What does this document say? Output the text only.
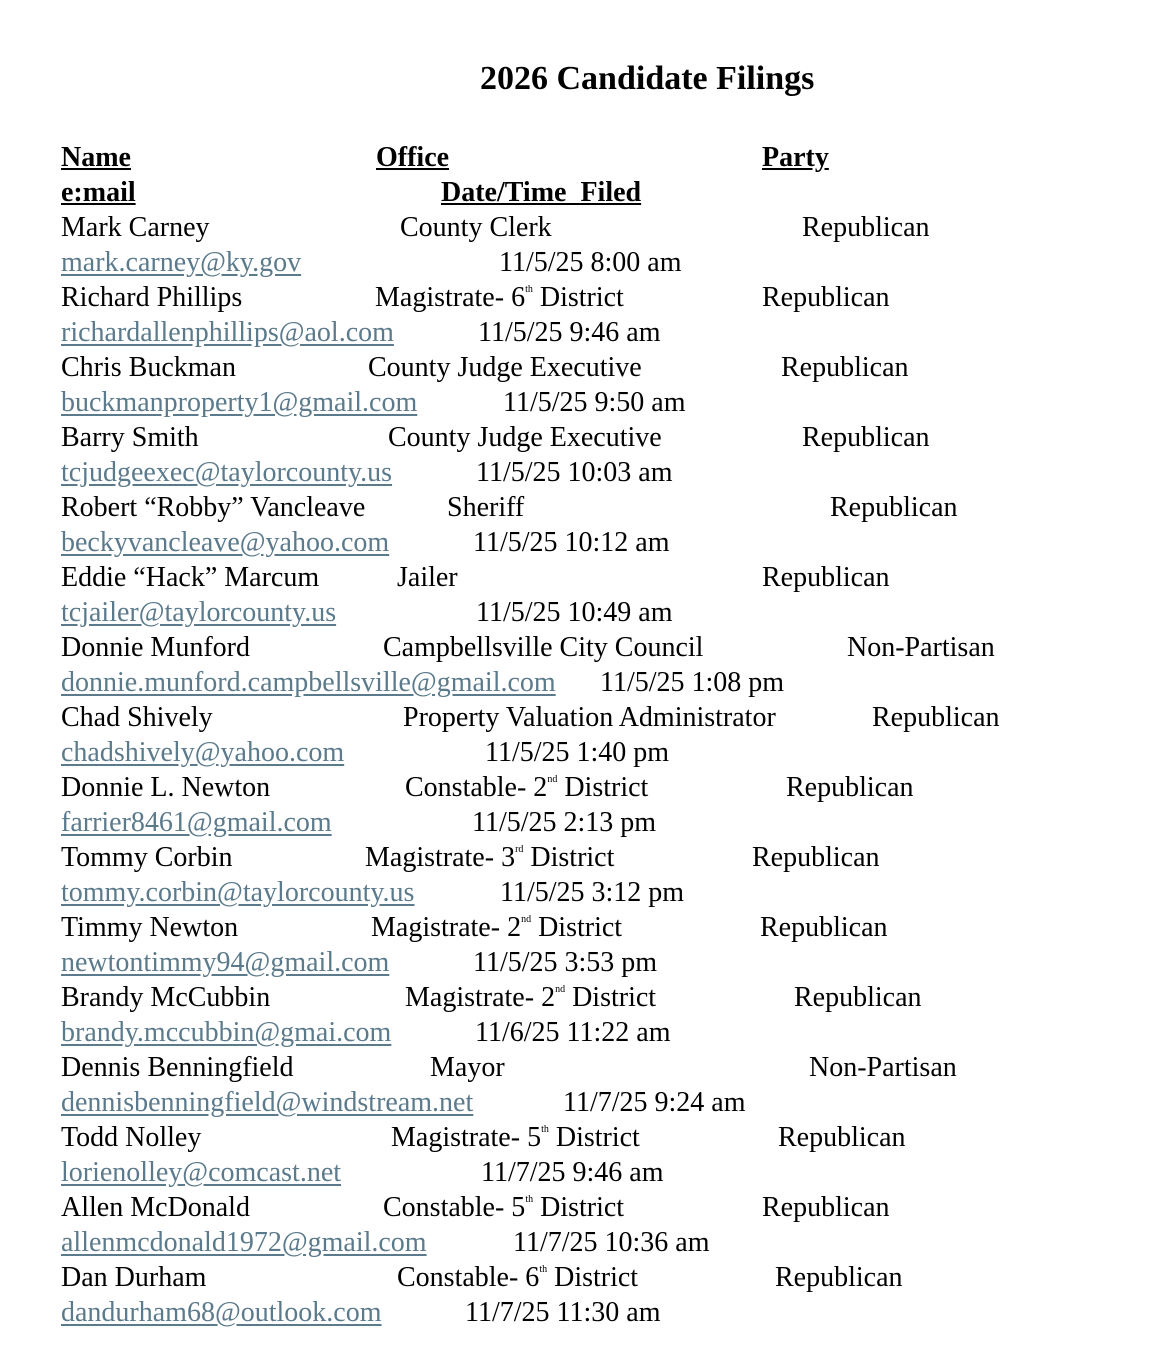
2026 Candidate Filings
Name	Office	Party
e:mail	Date/Time  Filed
Mark Carney	County Clerk	Republican
mark.carney@ky.gov	11/5/25 8:00 am
Richard Phillips	Magistrate- 6th District	Republican
richardallenphillips@aol.com	11/5/25 9:46 am
Chris Buckman	County Judge Executive	Republican
buckmanproperty1@gmail.com	11/5/25 9:50 am
Barry Smith	County Judge Executive	Republican
tcjudgeexec@taylorcounty.us	11/5/25 10:03 am
Robert “Robby” Vancleave	Sheriff	Republican
beckyvancleave@yahoo.com	11/5/25 10:12 am
Eddie “Hack” Marcum	Jailer	Republican
tcjailer@taylorcounty.us	11/5/25 10:49 am
Donnie Munford	Campbellsville City Council	Non-Partisan
donnie.munford.campbellsville@gmail.com 11/5/25 1:08 pm
Chad Shively	Property Valuation Administrator	Republican
chadshively@yahoo.com	11/5/25 1:40 pm
Donnie L. Newton	Constable- 2nd District	Republican
farrier8461@gmail.com	11/5/25 2:13 pm
Tommy Corbin	Magistrate- 3rd District	Republican
tommy.corbin@taylorcounty.us	11/5/25 3:12 pm
Timmy Newton	Magistrate- 2nd District	Republican
newtontimmy94@gmail.com	11/5/25 3:53 pm
Brandy McCubbin	Magistrate- 2nd District	Republican
brandy.mccubbin@gmai.com	11/6/25 11:22 am
Dennis Benningfield	Mayor	Non-Partisan
dennisbenningfield@windstream.net	11/7/25 9:24 am
Todd Nolley	Magistrate- 5th District	Republican
lorienolley@comcast.net	11/7/25 9:46 am
Allen McDonald	Constable- 5th District	Republican
allenmcdonald1972@gmail.com	11/7/25 10:36 am
Dan Durham	Constable- 6th District	Republican
dandurham68@outlook.com	11/7/25 11:30 am
